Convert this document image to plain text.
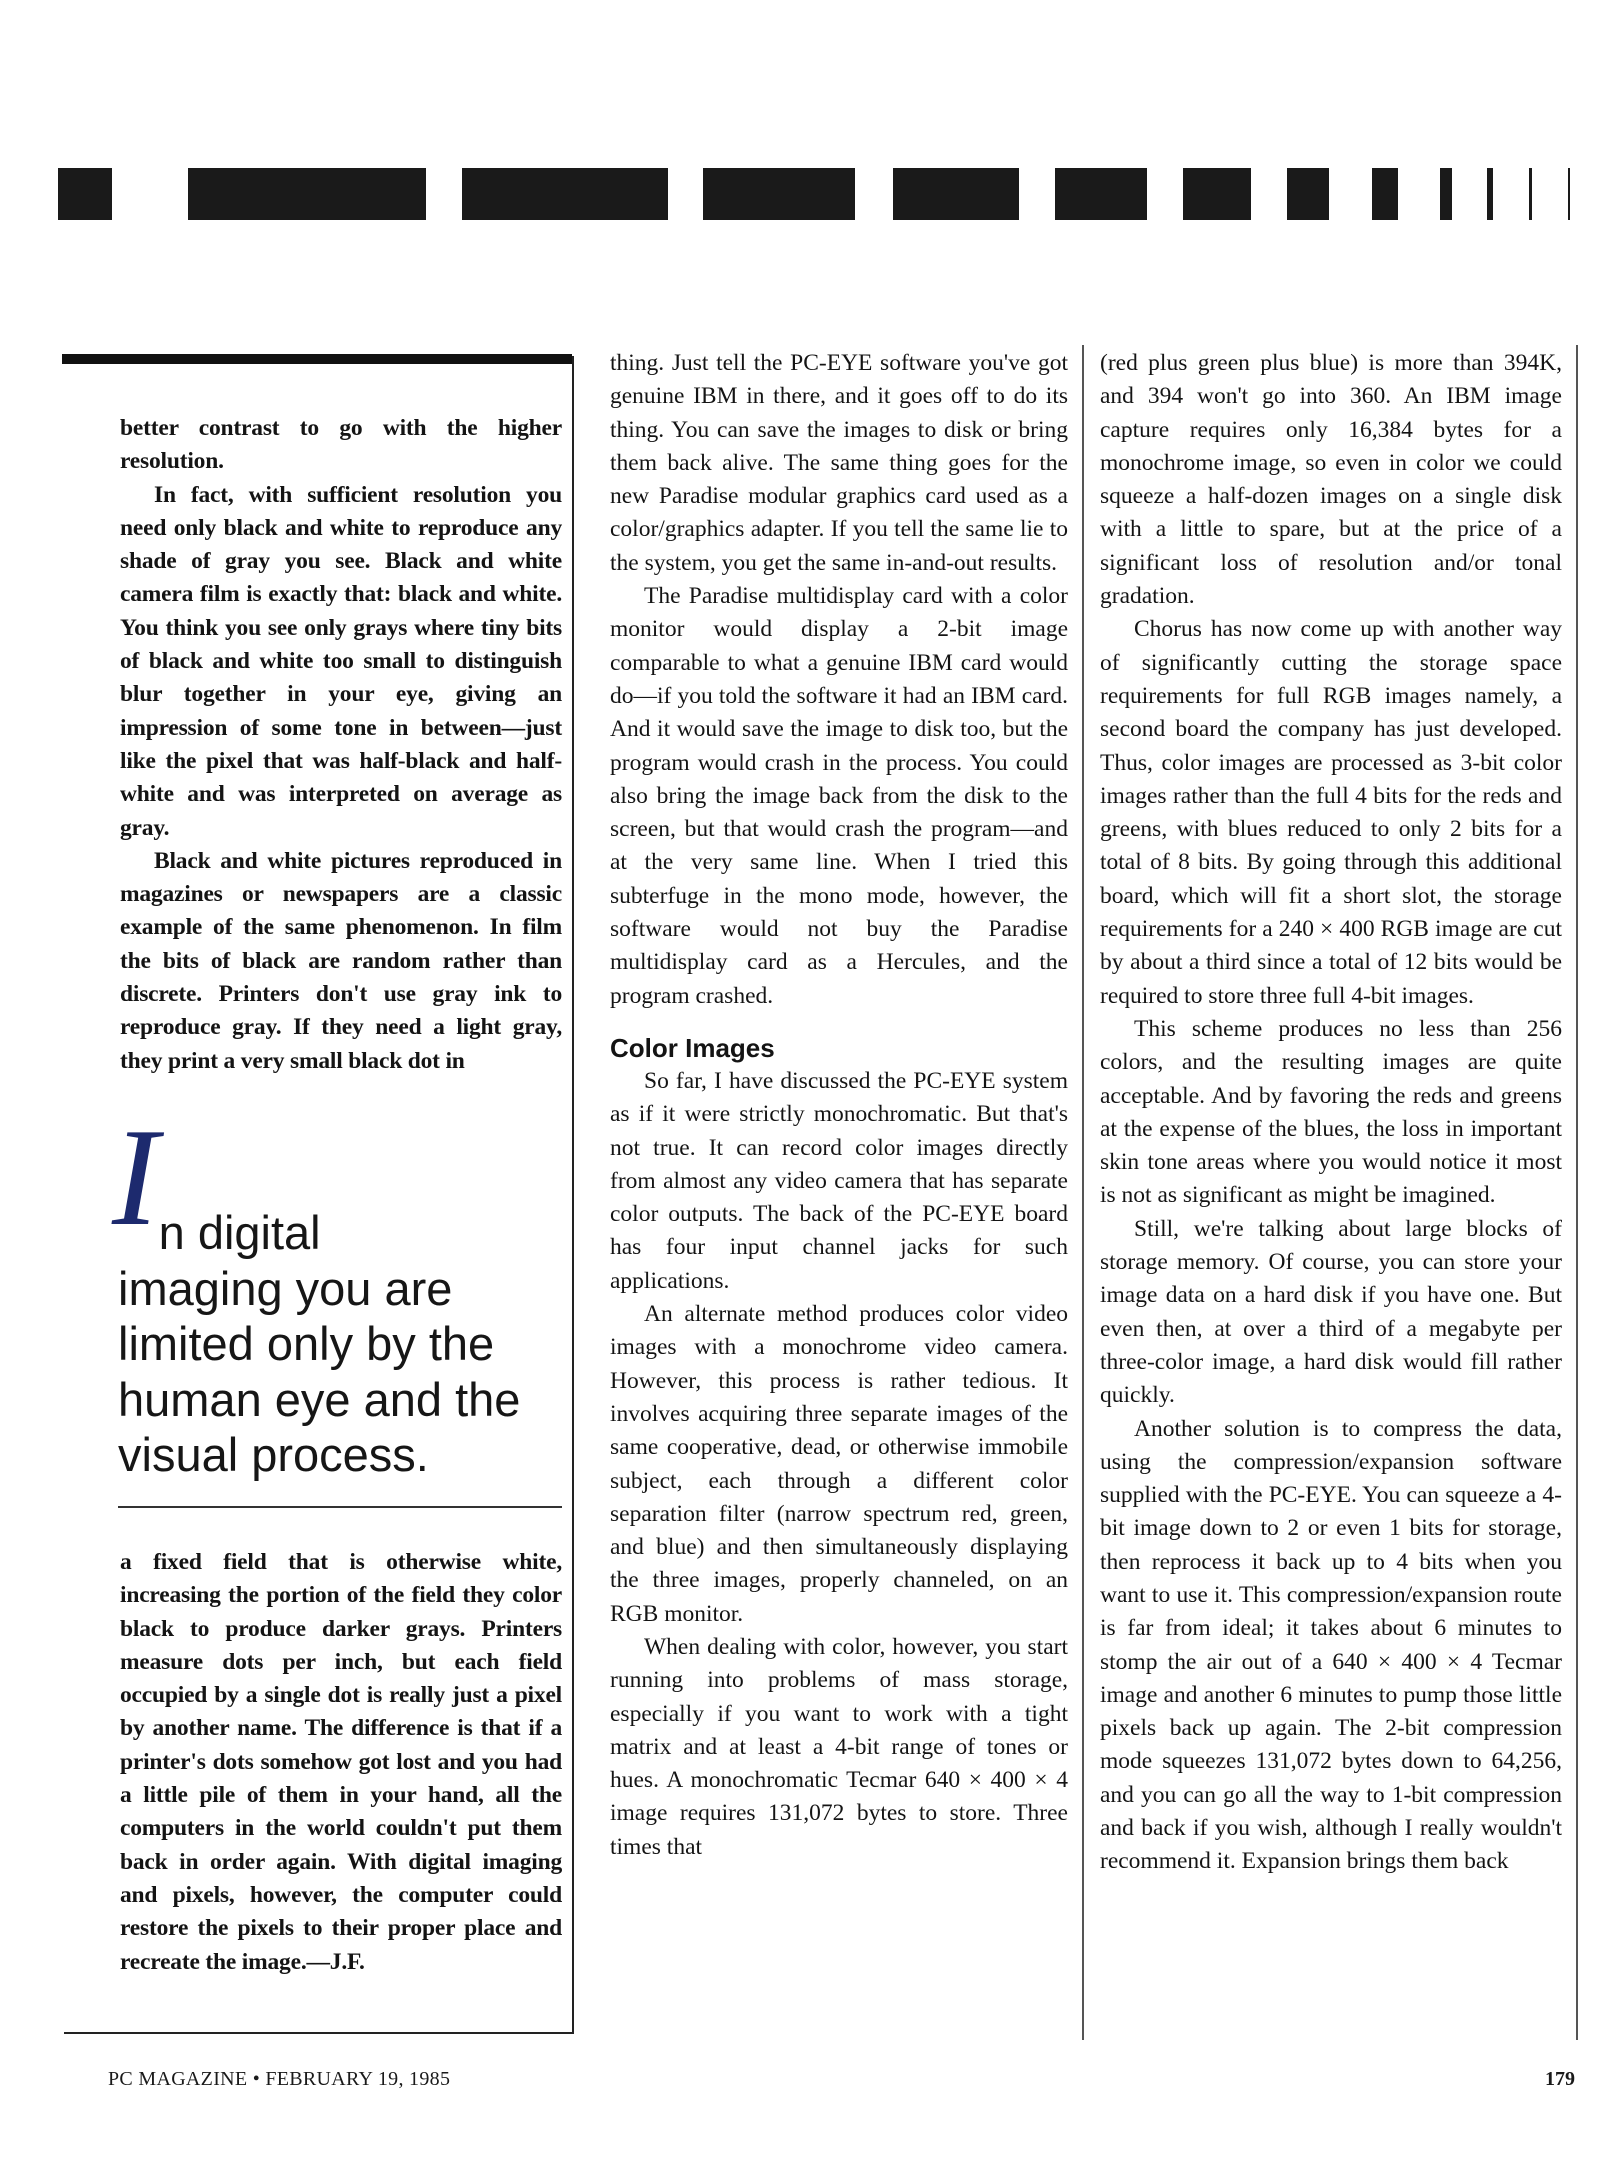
better contrast to go with the higher resolution.

In fact, with sufficient resolution you need only black and white to reproduce any shade of gray you see. Black and white camera film is exactly that: black and white. You think you see only grays where tiny bits of black and white too small to distinguish blur together in your eye, giving an impression of some tone in between—just like the pixel that was half-black and half-white and was interpreted on average as gray.

Black and white pictures reproduced in magazines or newspapers are a classic example of the same phenomenon. In film the bits of black are random rather than discrete. Printers don't use gray ink to reproduce gray. If they need a light gray, they print a very small black dot in

I n digital
imaging you are
limited only by the
human eye and the
visual process.

a fixed field that is otherwise white, increasing the portion of the field they color black to produce darker grays. Printers measure dots per inch, but each field occupied by a single dot is really just a pixel by another name. The difference is that if a printer's dots somehow got lost and you had a little pile of them in your hand, all the computers in the world couldn't put them back in order again. With digital imaging and pixels, however, the computer could restore the pixels to their proper place and recreate the image.—J.F.

thing. Just tell the PC-EYE software you've got genuine IBM in there, and it goes off to do its thing. You can save the images to disk or bring them back alive. The same thing goes for the new Paradise modular graphics card used as a color/graphics adapter. If you tell the same lie to the system, you get the same in-and-out results.

The Paradise multidisplay card with a color monitor would display a 2-bit image comparable to what a genuine IBM card would do—if you told the software it had an IBM card. And it would save the image to disk too, but the program would crash in the process. You could also bring the image back from the disk to the screen, but that would crash the program—and at the very same line. When I tried this subterfuge in the mono mode, however, the software would not buy the Paradise multidisplay card as a Hercules, and the program crashed.

Color Images

So far, I have discussed the PC-EYE system as if it were strictly monochromatic. But that's not true. It can record color images directly from almost any video camera that has separate color outputs. The back of the PC-EYE board has four input channel jacks for such applications.

An alternate method produces color video images with a monochrome video camera. However, this process is rather tedious. It involves acquiring three separate images of the same cooperative, dead, or otherwise immobile subject, each through a different color separation filter (narrow spectrum red, green, and blue) and then simultaneously displaying the three images, properly channeled, on an RGB monitor.

When dealing with color, however, you start running into problems of mass storage, especially if you want to work with a tight matrix and at least a 4-bit range of tones or hues. A monochromatic Tecmar 640 × 400 × 4 image requires 131,072 bytes to store. Three times that

(red plus green plus blue) is more than 394K, and 394 won't go into 360. An IBM image capture requires only 16,384 bytes for a monochrome image, so even in color we could squeeze a half-dozen images on a single disk with a little to spare, but at the price of a significant loss of resolution and/or tonal gradation.

Chorus has now come up with another way of significantly cutting the storage space requirements for full RGB images namely, a second board the company has just developed. Thus, color images are processed as 3-bit color images rather than the full 4 bits for the reds and greens, with blues reduced to only 2 bits for a total of 8 bits. By going through this additional board, which will fit a short slot, the storage requirements for a 240 × 400 RGB image are cut by about a third since a total of 12 bits would be required to store three full 4-bit images.

This scheme produces no less than 256 colors, and the resulting images are quite acceptable. And by favoring the reds and greens at the expense of the blues, the loss in important skin tone areas where you would notice it most is not as significant as might be imagined.

Still, we're talking about large blocks of storage memory. Of course, you can store your image data on a hard disk if you have one. But even then, at over a third of a megabyte per three-color image, a hard disk would fill rather quickly.

Another solution is to compress the data, using the compression/expansion software supplied with the PC-EYE. You can squeeze a 4-bit image down to 2 or even 1 bits for storage, then reprocess it back up to 4 bits when you want to use it. This compression/expansion route is far from ideal; it takes about 6 minutes to stomp the air out of a 640 × 400 × 4 Tecmar image and another 6 minutes to pump those little pixels back up again. The 2-bit compression mode squeezes 131,072 bytes down to 64,256, and you can go all the way to 1-bit compression and back if you wish, although I really wouldn't recommend it. Expansion brings them back

PC MAGAZINE • FEBRUARY 19, 1985	179
